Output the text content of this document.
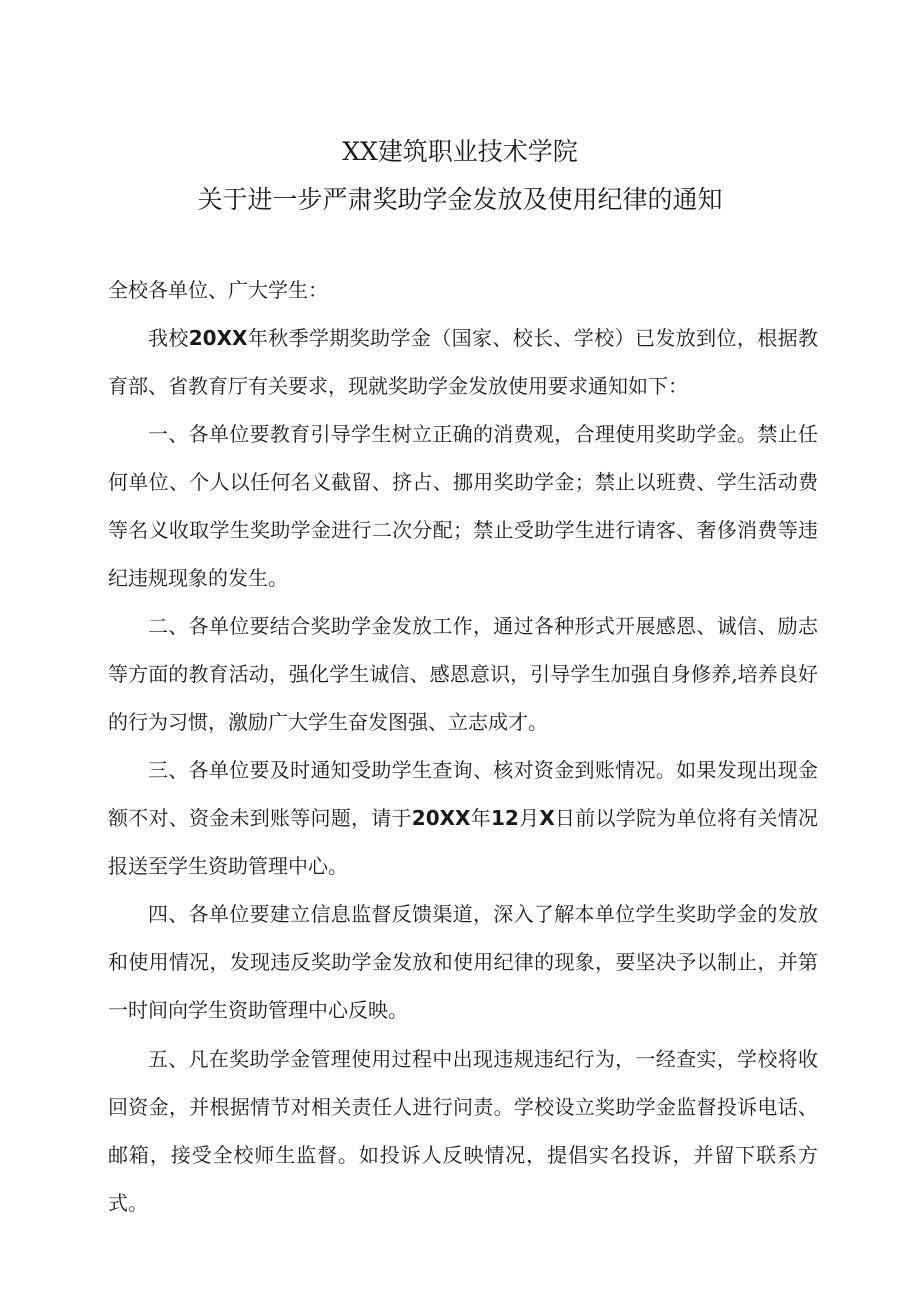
XX建筑职业技术学院
关于进一步严肃奖助学金发放及使用纪律的通知

全校各单位、广大学生：

我校20XX年秋季学期奖助学金（国家、校长、学校）已发放到位，根据教育部、省教育厅有关要求，现就奖助学金发放使用要求通知如下：

一、各单位要教育引导学生树立正确的消费观，合理使用奖助学金。禁止任何单位、个人以任何名义截留、挤占、挪用奖助学金；禁止以班费、学生活动费等名义收取学生奖助学金进行二次分配；禁止受助学生进行请客、奢侈消费等违纪违规现象的发生。

二、各单位要结合奖助学金发放工作，通过各种形式开展感恩、诚信、励志等方面的教育活动，强化学生诚信、感恩意识，引导学生加强自身修养,培养良好的行为习惯，激励广大学生奋发图强、立志成才。

三、各单位要及时通知受助学生查询、核对资金到账情况。如果发现出现金额不对、资金未到账等问题，请于20XX年12月X日前以学院为单位将有关情况报送至学生资助管理中心。

四、各单位要建立信息监督反馈渠道，深入了解本单位学生奖助学金的发放和使用情况，发现违反奖助学金发放和使用纪律的现象，要坚决予以制止，并第一时间向学生资助管理中心反映。

五、凡在奖助学金管理使用过程中出现违规违纪行为，一经查实，学校将收回资金，并根据情节对相关责任人进行问责。学校设立奖助学金监督投诉电话、邮箱，接受全校师生监督。如投诉人反映情况，提倡实名投诉，并留下联系方式。
